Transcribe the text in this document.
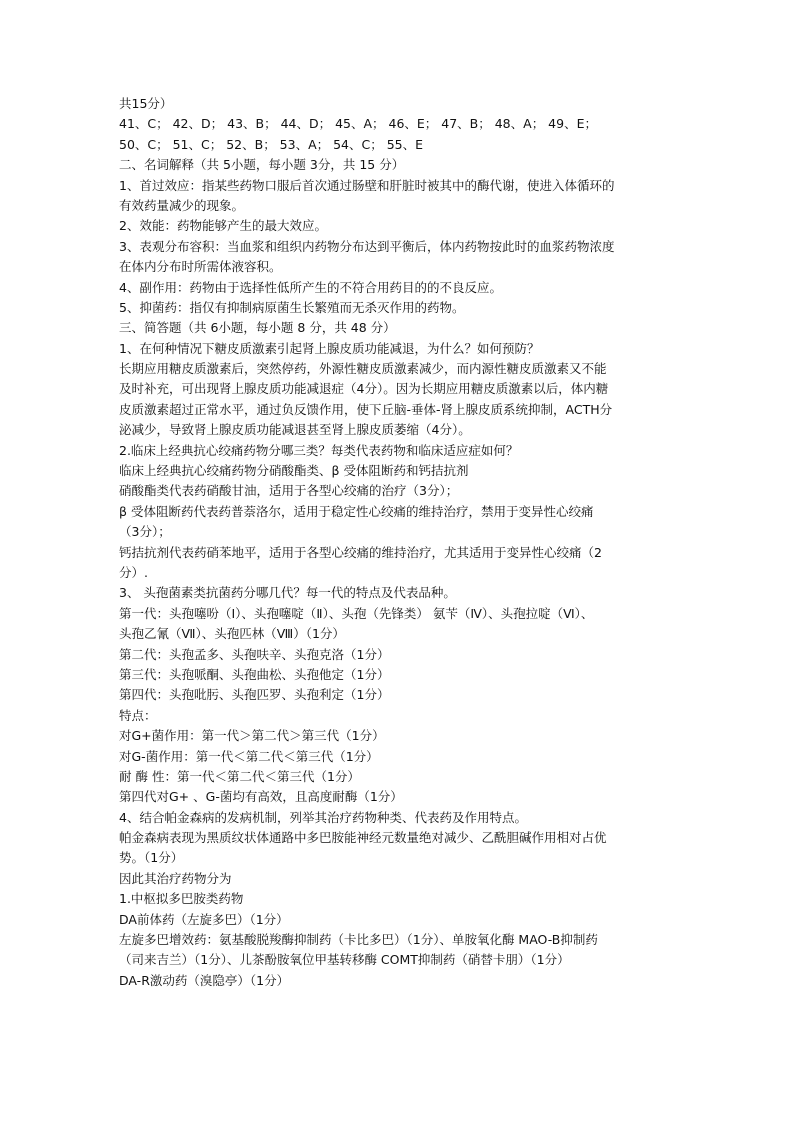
共15分）
41、C； 42、D； 43、B； 44、D； 45、A； 46、E； 47、B； 48、A； 49、E；
50、C； 51、C； 52、B； 53、A； 54、C； 55、E
二、名词解释（共 5小题，每小题 3分，共 15 分）
1、首过效应：指某些药物口服后首次通过肠壁和肝脏时被其中的酶代谢，使进入体循环的
有效药量减少的现象。
2、效能：药物能够产生的最大效应。
3、表观分布容积：当血浆和组织内药物分布达到平衡后，体内药物按此时的血浆药物浓度
在体内分布时所需体液容积。
4、副作用：药物由于选择性低所产生的不符合用药目的的不良反应。
5、抑菌药：指仅有抑制病原菌生长繁殖而无杀灭作用的药物。
三、简答题（共 6小题，每小题 8 分，共 48 分）
1、在何种情况下糖皮质激素引起肾上腺皮质功能减退，为什么？如何预防？
长期应用糖皮质激素后，突然停药，外源性糖皮质激素减少，而内源性糖皮质激素又不能
及时补充，可出现肾上腺皮质功能减退症（4分）。因为长期应用糖皮质激素以后，体内糖
皮质激素超过正常水平，通过负反馈作用，使下丘脑-垂体-肾上腺皮质系统抑制，ACTH分
泌减少，导致肾上腺皮质功能减退甚至肾上腺皮质萎缩（4分）。
2.临床上经典抗心绞痛药物分哪三类？每类代表药物和临床适应症如何？
临床上经典抗心绞痛药物分硝酸酯类、β 受体阻断药和钙拮抗剂
硝酸酯类代表药硝酸甘油，适用于各型心绞痛的治疗（3分）；
β 受体阻断药代表药普萘洛尔，适用于稳定性心绞痛的维持治疗，禁用于变异性心绞痛
（3分）；
钙拮抗剂代表药硝苯地平，适用于各型心绞痛的维持治疗，尤其适用于变异性心绞痛（2
分）.
3、 头孢菌素类抗菌药分哪几代？每一代的特点及代表品种。
第一代：头孢噻吩（Ⅰ）、头孢噻啶（Ⅱ）、头孢（先锋类） 氨苄（Ⅳ）、头孢拉啶（Ⅵ）、
头孢乙氰（Ⅶ）、头孢匹林（Ⅷ）（1分）
第二代：头孢孟多、头孢呋辛、头孢克洛（1分）
第三代：头孢哌酮、头孢曲松、头孢他定（1分）
第四代：头孢吡肟、头孢匹罗、头孢利定（1分）
特点：
对G+菌作用：第一代＞第二代＞第三代（1分）
对G-菌作用：第一代＜第二代＜第三代（1分）
耐 酶 性：第一代＜第二代＜第三代（1分）
第四代对G+ 、G-菌均有高效，且高度耐酶（1分）
4、结合帕金森病的发病机制，列举其治疗药物种类、代表药及作用特点。
帕金森病表现为黑质纹状体通路中多巴胺能神经元数量绝对减少、乙酰胆碱作用相对占优
势。（1分）
因此其治疗药物分为
1.中枢拟多巴胺类药物
DA前体药（左旋多巴）（1分）
左旋多巴增效药：氨基酸脱羧酶抑制药（卡比多巴）（1分）、单胺氧化酶 MAO-B抑制药
（司来吉兰）（1分）、儿茶酚胺氧位甲基转移酶 COMT抑制药（硝替卡朋）（1分）
DA-R激动药（溴隐亭）（1分）
